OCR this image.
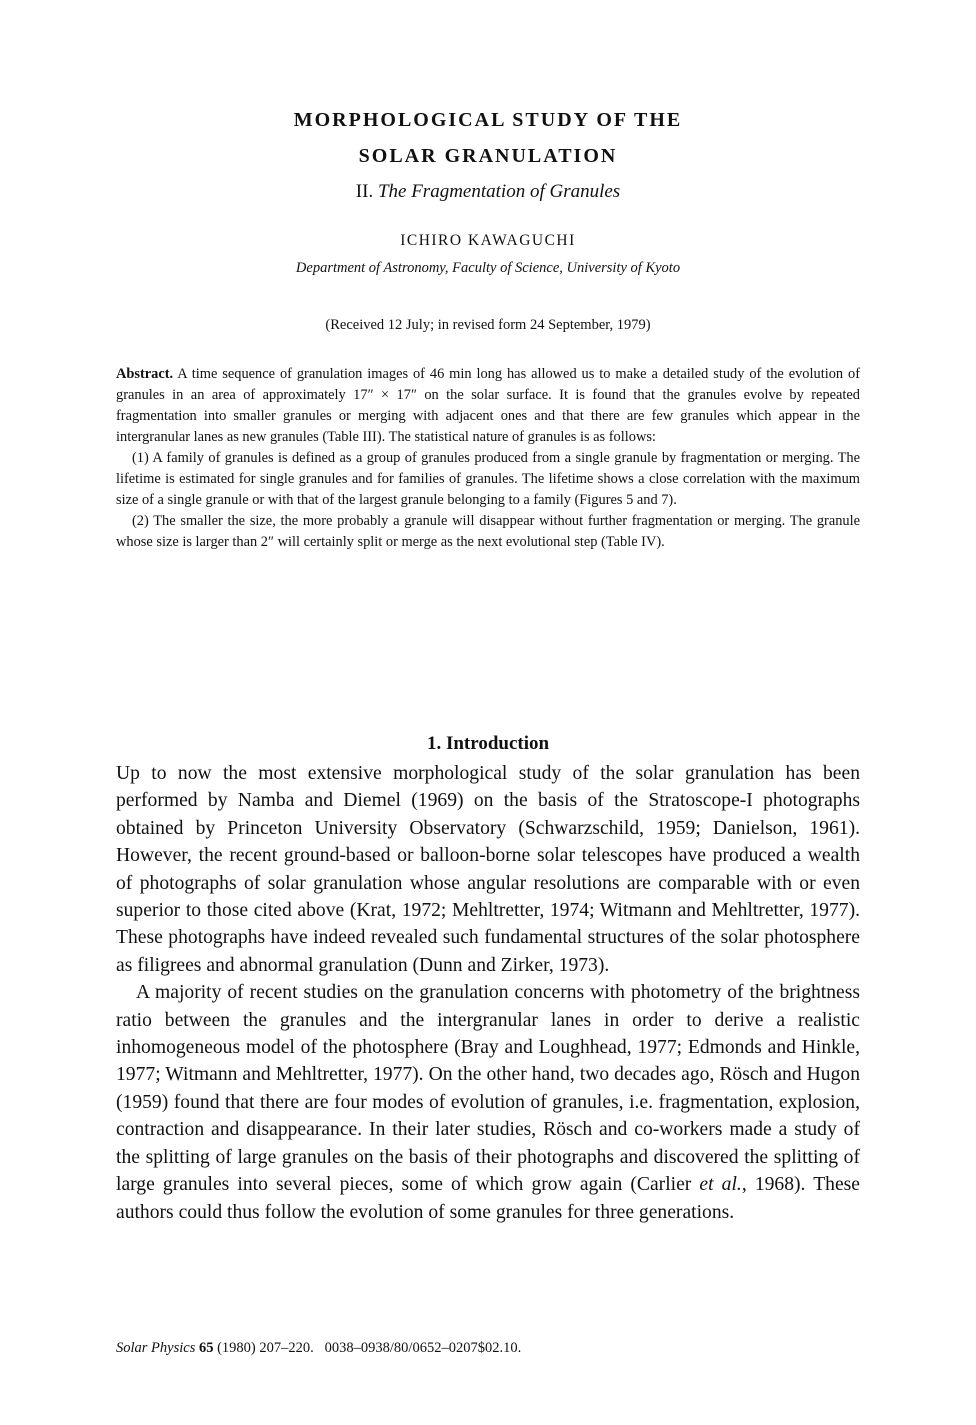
MORPHOLOGICAL STUDY OF THE
SOLAR GRANULATION
II. The Fragmentation of Granules
ICHIRO KAWAGUCHI
Department of Astronomy, Faculty of Science, University of Kyoto
(Received 12 July; in revised form 24 September, 1979)

Abstract. A time sequence of granulation images of 46 min long has allowed us to make a detailed study of the evolution of granules in an area of approximately 17″ × 17″ on the solar surface. It is found that the granules evolve by repeated fragmentation into smaller granules or merging with adjacent ones and that there are few granules which appear in the intergranular lanes as new granules (Table III). The statistical nature of granules is as follows:

(1) A family of granules is defined as a group of granules produced from a single granule by fragmentation or merging. The lifetime is estimated for single granules and for families of granules. The lifetime shows a close correlation with the maximum size of a single granule or with that of the largest granule belonging to a family (Figures 5 and 7).

(2) The smaller the size, the more probably a granule will disappear without further fragmentation or merging. The granule whose size is larger than 2″ will certainly split or merge as the next evolutional step (Table IV).

1. Introduction

Up to now the most extensive morphological study of the solar granulation has been performed by Namba and Diemel (1969) on the basis of the Stratoscope-I photographs obtained by Princeton University Observatory (Schwarzschild, 1959; Danielson, 1961). However, the recent ground-based or balloon-borne solar telescopes have produced a wealth of photographs of solar granulation whose angular resolutions are comparable with or even superior to those cited above (Krat, 1972; Mehltretter, 1974; Witmann and Mehltretter, 1977). These photographs have indeed revealed such fundamental structures of the solar photosphere as filigrees and abnormal granulation (Dunn and Zirker, 1973).

A majority of recent studies on the granulation concerns with photometry of the brightness ratio between the granules and the intergranular lanes in order to derive a realistic inhomogeneous model of the photosphere (Bray and Loughhead, 1977; Edmonds and Hinkle, 1977; Witmann and Mehltretter, 1977). On the other hand, two decades ago, Rösch and Hugon (1959) found that there are four modes of evolution of granules, i.e. fragmentation, explosion, contraction and disappearance. In their later studies, Rösch and co-workers made a study of the splitting of large granules on the basis of their photographs and discovered the splitting of large granules into several pieces, some of which grow again (Carlier et al., 1968). These authors could thus follow the evolution of some granules for three generations.

Solar Physics 65 (1980) 207–220. 0038–0938/80/0652–0207$02.10.
